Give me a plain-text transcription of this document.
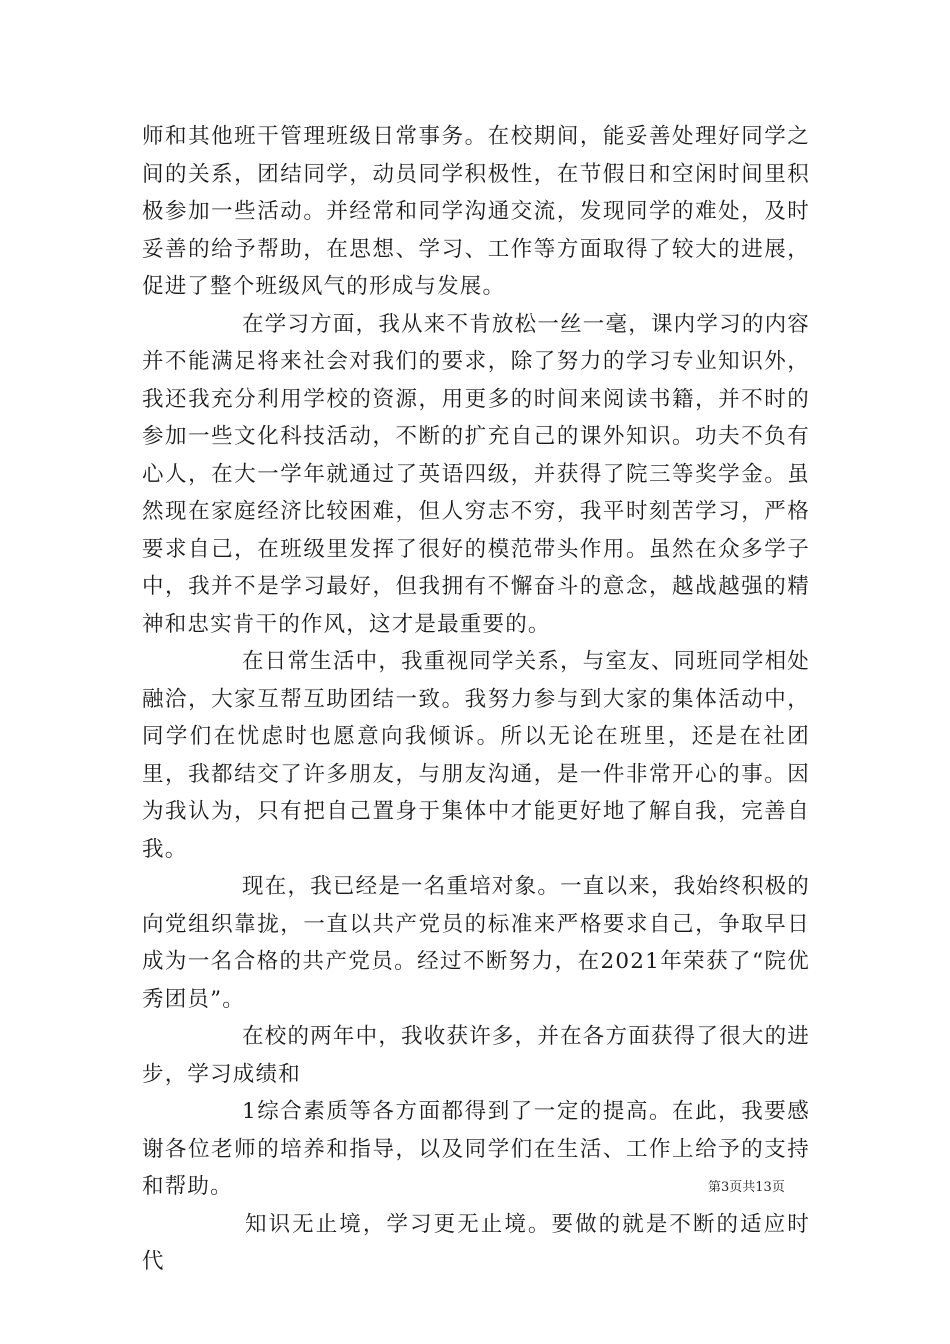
师和其他班干管理班级日常事务。在校期间，能妥善处理好同学之间的关系，团结同学，动员同学积极性，在节假日和空闲时间里积极参加一些活动。并经常和同学沟通交流，发现同学的难处，及时妥善的给予帮助，在思想、学习、工作等方面取得了较大的进展，促进了整个班级风气的形成与发展。

在学习方面，我从来不肯放松一丝一毫，课内学习的内容并不能满足将来社会对我们的要求，除了努力的学习专业知识外，我还我充分利用学校的资源，用更多的时间来阅读书籍，并不时的参加一些文化科技活动，不断的扩充自己的课外知识。功夫不负有心人，在大一学年就通过了英语四级，并获得了院三等奖学金。虽然现在家庭经济比较困难，但人穷志不穷，我平时刻苦学习，严格要求自己，在班级里发挥了很好的模范带头作用。虽然在众多学子中，我并不是学习最好，但我拥有不懈奋斗的意念，越战越强的精神和忠实肯干的作风，这才是最重要的。

在日常生活中，我重视同学关系，与室友、同班同学相处融洽，大家互帮互助团结一致。我努力参与到大家的集体活动中，同学们在忧虑时也愿意向我倾诉。所以无论在班里，还是在社团里，我都结交了许多朋友，与朋友沟通，是一件非常开心的事。因为我认为，只有把自己置身于集体中才能更好地了解自我，完善自我。

现在，我已经是一名重培对象。一直以来，我始终积极的向党组织靠拢，一直以共产党员的标准来严格要求自己，争取早日成为一名合格的共产党员。经过不断努力，在2021年荣获了“院优秀团员”。

在校的两年中，我收获许多，并在各方面获得了很大的进步，学习成绩和

1综合素质等各方面都得到了一定的提高。在此，我要感谢各位老师的培养和指导，以及同学们在生活、工作上给予的支持和帮助。

知识无止境，学习更无止境。要做的就是不断的适应时代

第3页共13页
